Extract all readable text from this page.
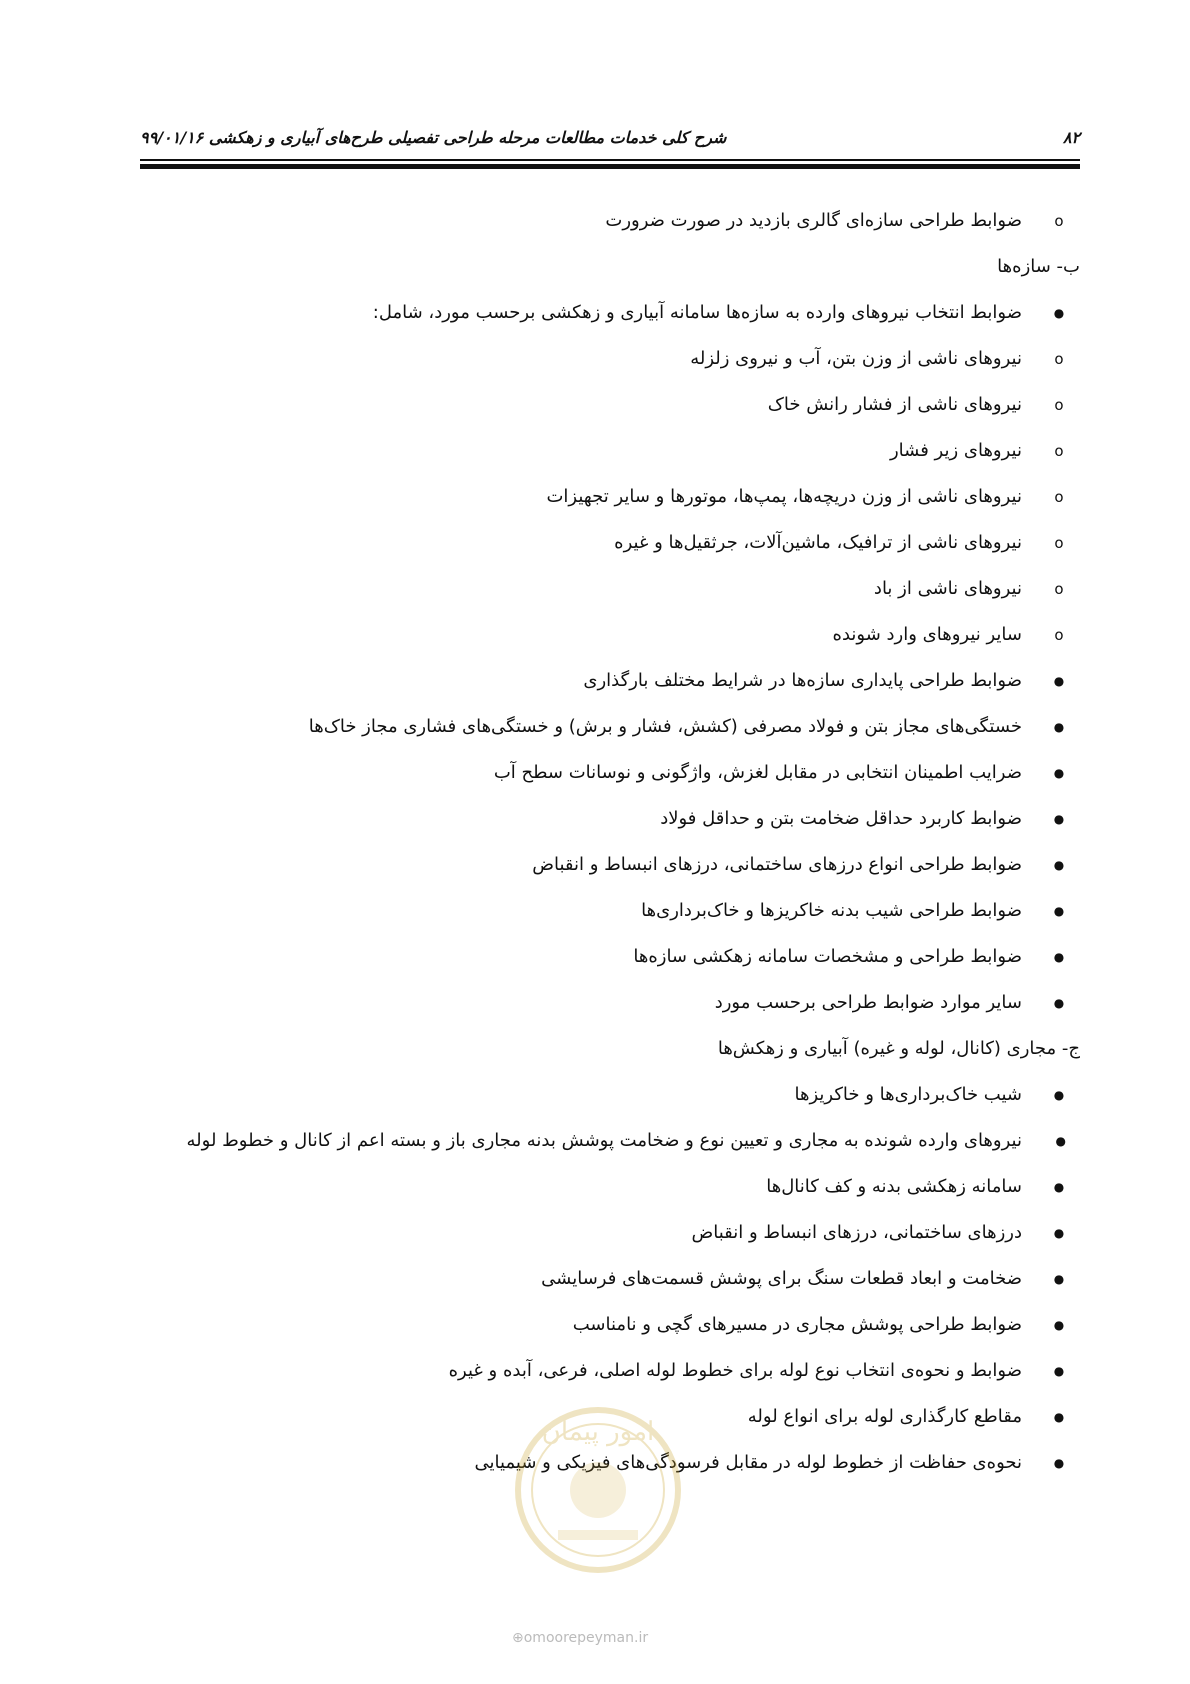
۸۲
شرح کلی خدمات مطالعات مرحله طراحی تفصیلی طرح‌های آبیاری و زهکشی ۹۹/۰۱/۱۶
o
ضوابط طراحی سازه‌ای گالری بازدید در صورت ضرورت
ب- سازه‌ها
●
ضوابط انتخاب نیروهای وارده به سازه‌ها سامانه آبیاری و زهکشی برحسب مورد، شامل:
o
نیروهای ناشی از وزن بتن، آب و نیروی زلزله
o
نیروهای ناشی از فشار رانش خاک
o
نیروهای زیر فشار
o
نیروهای ناشی از وزن دریچه‌ها، پمپ‌ها، موتورها و سایر تجهیزات
o
نیروهای ناشی از ترافیک، ماشین‌آلات، جرثقیل‌ها و غیره
o
نیروهای ناشی از باد
o
سایر نیروهای وارد شونده
●
ضوابط طراحی پایداری سازه‌ها در شرایط مختلف بارگذاری
●
خستگی‌های مجاز بتن و فولاد مصرفی (کشش، فشار و برش) و خستگی‌های فشاری مجاز خاک‌ها
●
ضرایب اطمینان انتخابی در مقابل لغزش، واژگونی و نوسانات سطح آب
●
ضوابط کاربرد حداقل ضخامت بتن و حداقل فولاد
●
ضوابط طراحی انواع درزهای ساختمانی، درزهای انبساط و انقباض
●
ضوابط طراحی شیب بدنه خاکریزها و خاک‌برداری‌ها
●
ضوابط طراحی و مشخصات سامانه زهکشی سازه‌ها
●
سایر موارد ضوابط طراحی برحسب مورد
ج- مجاری (کانال، لوله و غیره) آبیاری و زهکش‌ها
●
شیب خاک‌برداری‌ها و خاکریزها
●
نیروهای وارده شونده به مجاری و تعیین نوع و ضخامت پوشش بدنه مجاری باز و بسته اعم از کانال و خطوط لوله
●
سامانه زهکشی بدنه و کف کانال‌ها
●
درزهای ساختمانی، درزهای انبساط و انقباض
●
ضخامت و ابعاد قطعات سنگ برای پوشش قسمت‌های فرسایشی
●
ضوابط طراحی پوشش مجاری در مسیرهای گچی و نامناسب
●
ضوابط و نحوه‌ی انتخاب نوع لوله برای خطوط لوله اصلی، فرعی، آبده و غیره
●
مقاطع کارگذاری لوله برای انواع لوله
●
نحوه‌ی حفاظت از خطوط لوله در مقابل فرسودگی‌های فیزیکی و شیمیایی
امور پیمان
⊕omoorepeyman.ir
